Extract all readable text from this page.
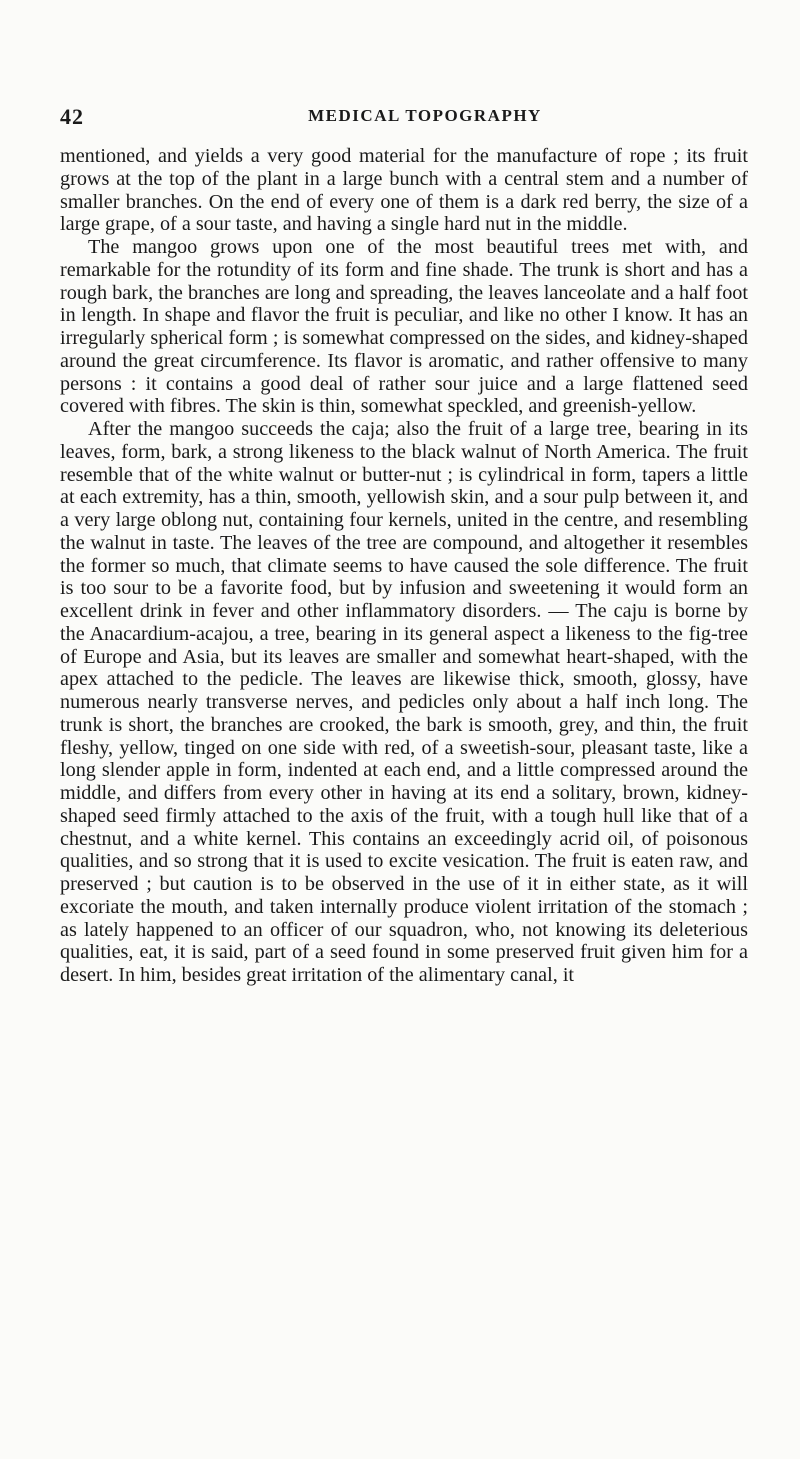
42	MEDICAL TOPOGRAPHY

mentioned, and yields a very good material for the manufacture of rope ; its fruit grows at the top of the plant in a large bunch with a central stem and a number of smaller branches. On the end of every one of them is a dark red berry, the size of a large grape, of a sour taste, and having a single hard nut in the middle.

The mangoo grows upon one of the most beautiful trees met with, and remarkable for the rotundity of its form and fine shade. The trunk is short and has a rough bark, the branches are long and spreading, the leaves lanceolate and a half foot in length. In shape and flavor the fruit is peculiar, and like no other I know. It has an irregularly spherical form ; is somewhat compressed on the sides, and kidney-shaped around the great circumference. Its flavor is aromatic, and rather offensive to many persons : it contains a good deal of rather sour juice and a large flattened seed covered with fibres. The skin is thin, somewhat speckled, and greenish-yellow.

After the mangoo succeeds the caja; also the fruit of a large tree, bearing in its leaves, form, bark, a strong likeness to the black walnut of North America. The fruit resemble that of the white walnut or butter-nut ; is cylindrical in form, tapers a little at each extremity, has a thin, smooth, yellowish skin, and a sour pulp between it, and a very large oblong nut, containing four kernels, united in the centre, and resembling the walnut in taste. The leaves of the tree are compound, and altogether it resembles the former so much, that climate seems to have caused the sole difference. The fruit is too sour to be a favorite food, but by infusion and sweetening it would form an excellent drink in fever and other inflammatory disorders. — The caju is borne by the Anacardium-acajou, a tree, bearing in its general aspect a likeness to the fig-tree of Europe and Asia, but its leaves are smaller and somewhat heart-shaped, with the apex attached to the pedicle. The leaves are likewise thick, smooth, glossy, have numerous nearly transverse nerves, and pedicles only about a half inch long. The trunk is short, the branches are crooked, the bark is smooth, grey, and thin, the fruit fleshy, yellow, tinged on one side with red, of a sweetish-sour, pleasant taste, like a long slender apple in form, indented at each end, and a little compressed around the middle, and differs from every other in having at its end a solitary, brown, kidney-shaped seed firmly attached to the axis of the fruit, with a tough hull like that of a chestnut, and a white kernel. This contains an exceedingly acrid oil, of poisonous qualities, and so strong that it is used to excite vesication. The fruit is eaten raw, and preserved ; but caution is to be observed in the use of it in either state, as it will excoriate the mouth, and taken internally produce violent irritation of the stomach ; as lately happened to an officer of our squadron, who, not knowing its deleterious qualities, eat, it is said, part of a seed found in some preserved fruit given him for a desert. In him, besides great irritation of the alimentary canal, it
